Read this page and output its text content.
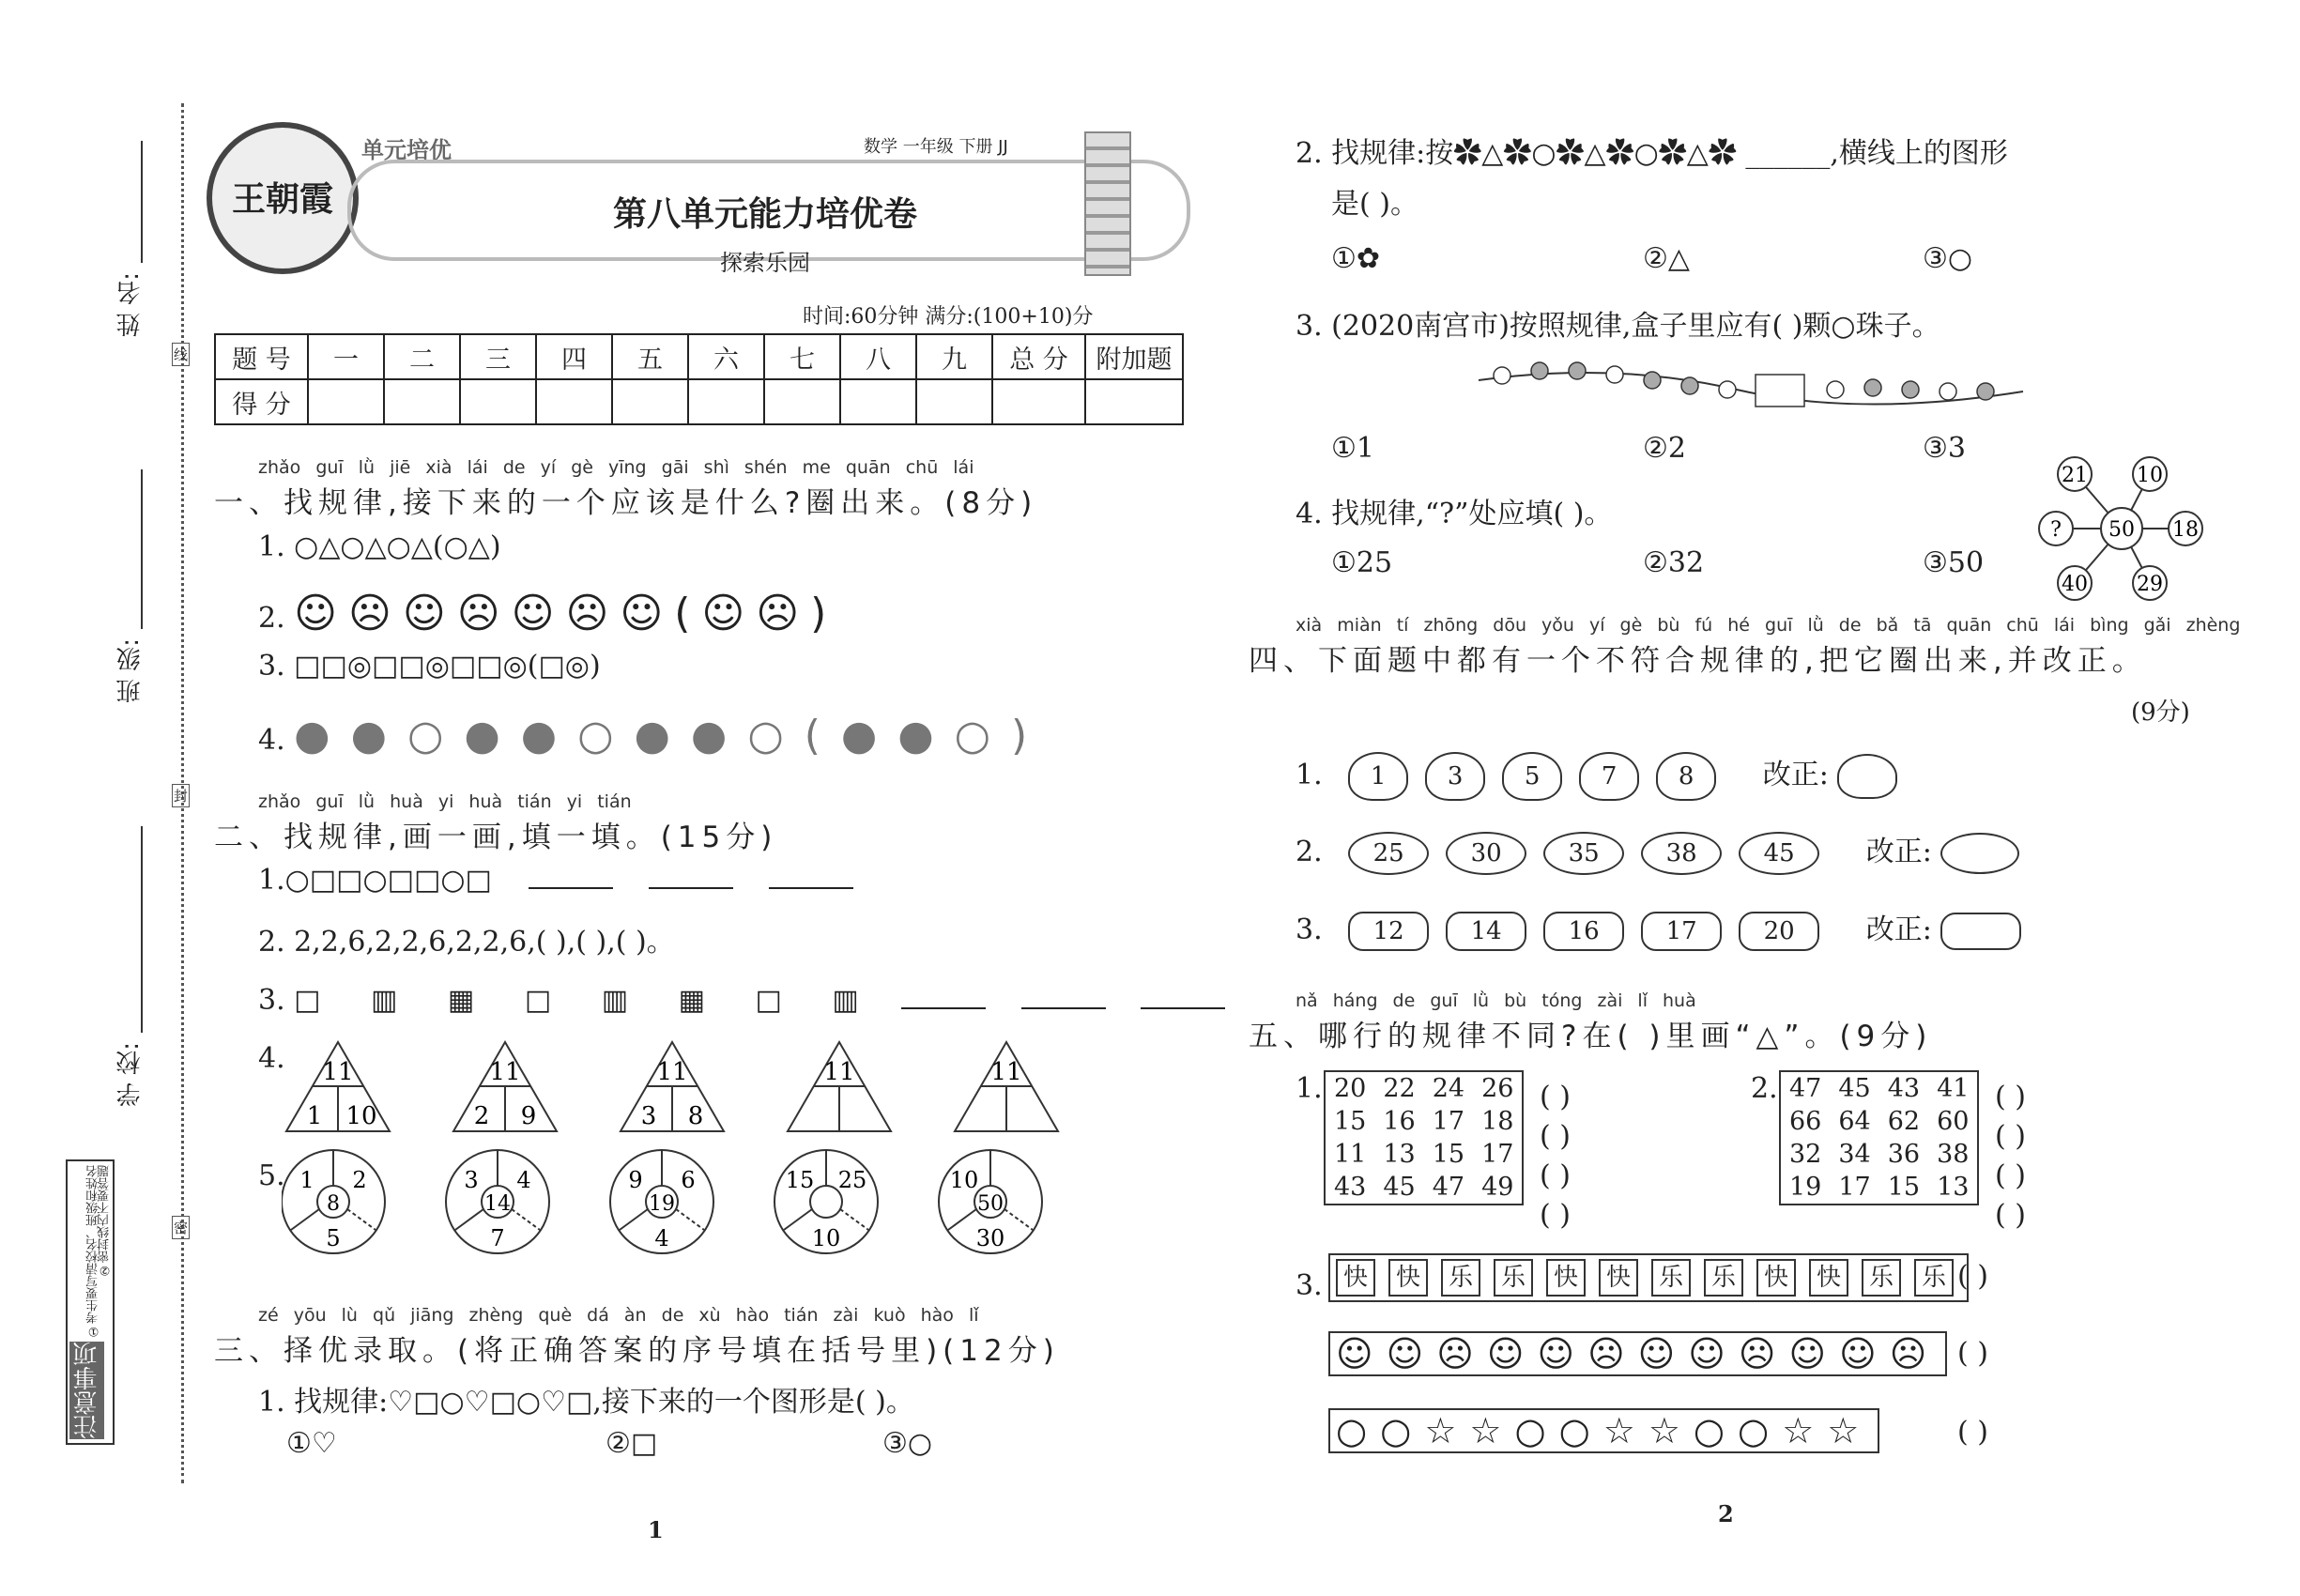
姓 名:
班 级:
学 校:
线
封
密
注意事项
①考生要写清校名、班级和姓名
②密封线内不要答题
王朝霞
单元培优	数学 一年级 下册 JJ
第八单元能力培优卷
探索乐园
时间:60分钟 满分:(100+10)分
题 号	一	二	三	四	五	六	七	八	九	总 分	附加题
得 分											
zhǎo guī lǜ jiē xià lái de yí gè yīng gāi shì shén me quān chū lái
一、找规律,接下来的一个应该是什么?圈出来。(8分)
1. ○△○△○△(○△)
2. ☺☹☺☹☺☹☺(☺☹)
3. □□◎□□◎□□◎(□◎)
4. ●●○●●○●●○(●●○)
zhǎo guī lǜ huà yi huà tián yi tián
二、找规律,画一画,填一填。(15分)
1.○□□○□□○□
2. 2,2,6,2,2,6,2,2,6,( ),( ),( )。
3. □ ▥ ▦ □ ▥ ▦ □ ▥
4. 11
1 10
11
2 9
11
3 8
11	11
5. 1 2
8
5
3 4
14
7
9 6
19
4
15 25
10
10
50
30
zé yōu lù qǔ jiāng zhèng què dá àn de xù hào tián zài kuò hào lǐ
三、择优录取。(将正确答案的序号填在括号里)(12分)
1. 找规律:♡□○♡□○♡□,接下来的一个图形是( )。
①♡	②□	③○
1
2. 找规律:按✿△✿○✿△✿○✿△✿ ______,横线上的图形
是( )。
①✿	②△	③○
3. (2020南宫市)按照规律,盒子里应有( )颗○珠子。
①1	②2	③3
4. 找规律,“?”处应填( )。
①25	②32	③50
21 10
? 50 18
40 29
xià miàn tí zhōng dōu yǒu yí gè bù fú hé guī lǜ de bǎ tā quān chū lái bìng gǎi zhèng
四、下面题中都有一个不符合规律的,把它圈出来,并改正。
(9分)
1. 1	3	5	7	8 改正:
2. 25	30	35	38	45	改正:
3. 12	14	16	17	20	改正:
nǎ háng de guī lǜ bù tóng zài lǐ huà
五、哪行的规律不同?在( )里画“△”。(9分)
1. 20	22	24	26
15	16	17	18
11	13	15	17
43	45	47	49
( )
( )
( )
( )
2. 47	45	43	41
66	64	62	60
32	34	36	38
19	17	15	13
( )
( )
( )
( )
3. 快 快 乐 乐 快 快 乐 乐 快 快 乐 乐 ( )
☺☺☹☺☺☹☺☺☹☺☺☹ ( )
○○☆☆○○☆☆○○☆☆	( )
2
